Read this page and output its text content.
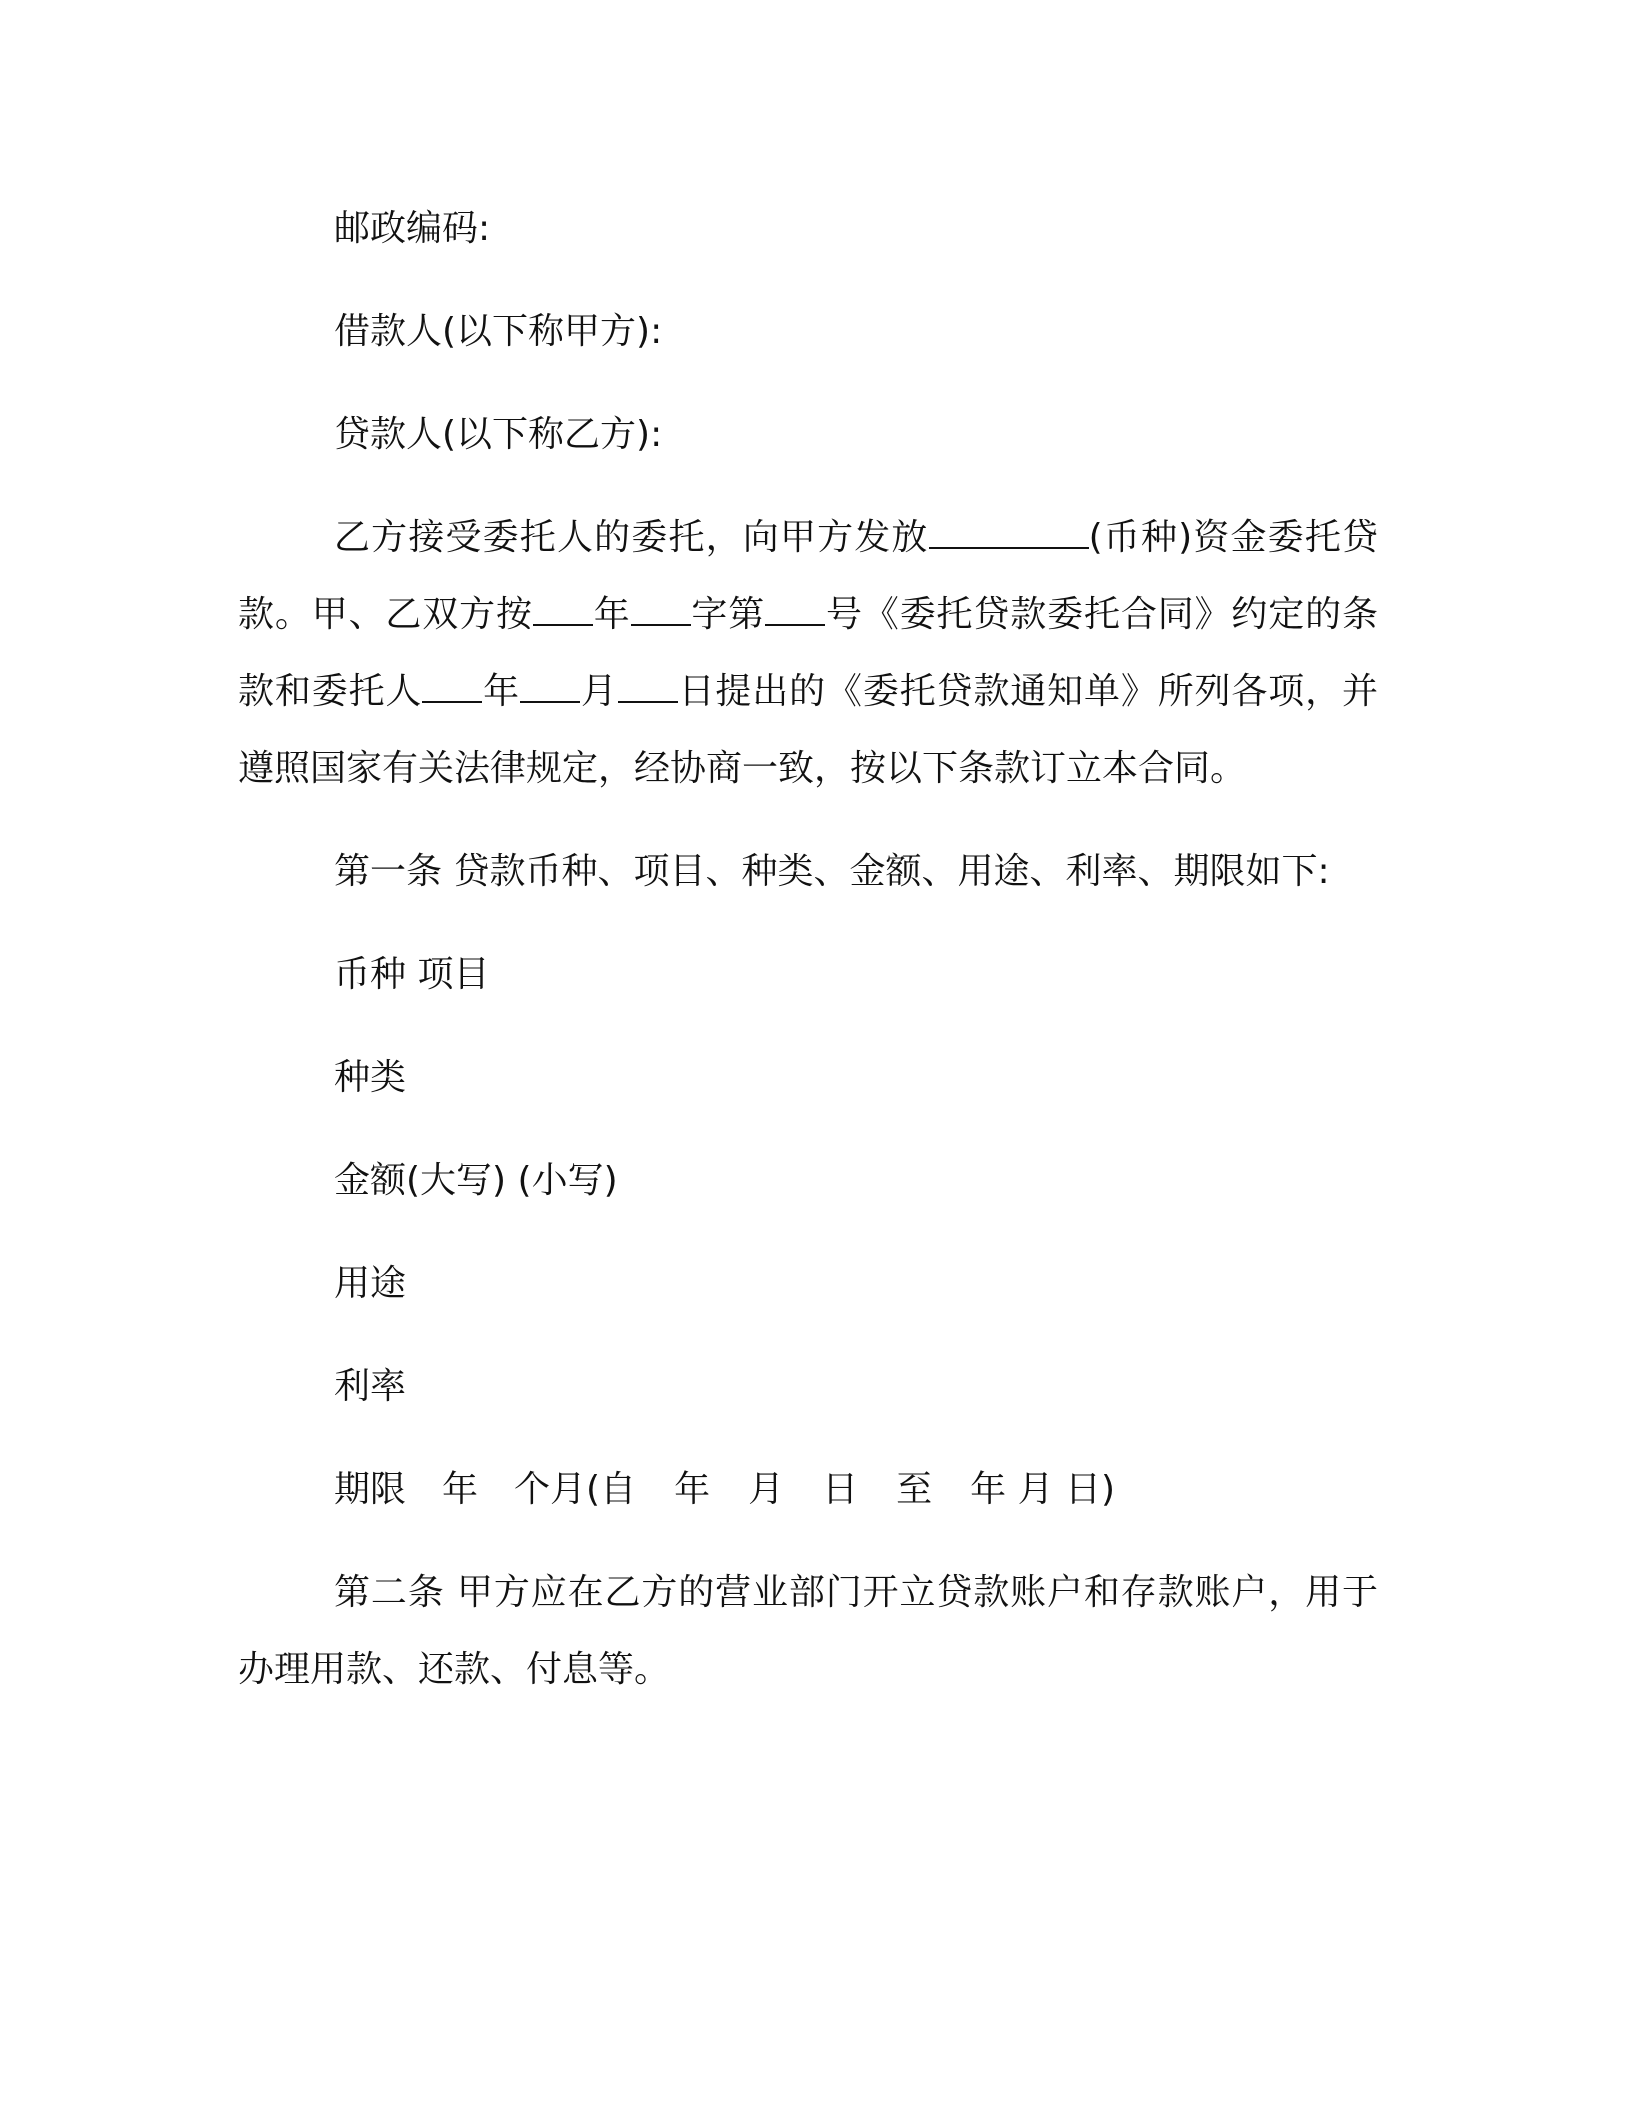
邮政编码:

借款人(以下称甲方):

贷款人(以下称乙方):

乙方接受委托人的委托，向甲方发放	(币种)资金委托贷款。甲、乙双方按 年 字第 号《委托贷款委托合同》约定的条款和委托人 年 月 日提出的《委托贷款通知单》所列各项，并遵照国家有关法律规定，经协商一致，按以下条款订立本合同。

第一条 贷款币种、项目、种类、金额、用途、利率、期限如下:

币种 项目

种类

金额(大写) (小写)

用途

利率

期限 年 个月(自 年 月 日 至 年 月 日)

第二条 甲方应在乙方的营业部门开立贷款账户和存款账户，用于办理用款、还款、付息等。
